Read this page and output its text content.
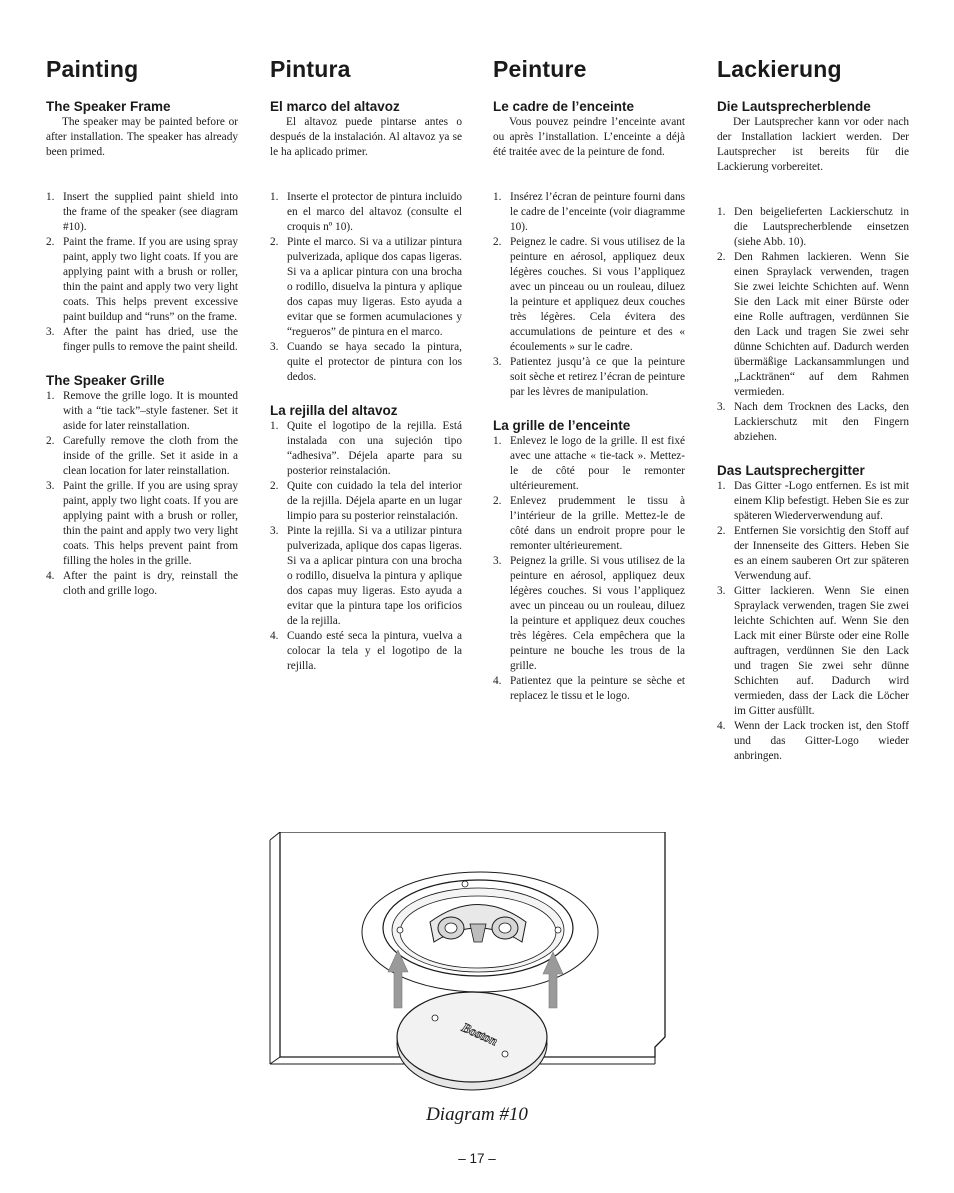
Painting
The Speaker Frame

The speaker may be painted before or after installation. The speaker has already been primed.

1. Insert the supplied paint shield into the frame of the speaker (see diagram #10).
2. Paint the frame. If you are using spray paint, apply two light coats. If you are applying paint with a brush or roller, thin the paint and apply two very light coats. This helps prevent excessive paint buildup and “runs” on the frame.
3. After the paint has dried, use the finger pulls to remove the paint sheild.
The Speaker Grille
1. Remove the grille logo. It is mounted with a “tie tack”–style fastener. Set it aside for later reinstallation.
2. Carefully remove the cloth from the inside of the grille. Set it aside in a clean location for later reinstallation.
3. Paint the grille. If you are using spray paint, apply two light coats. If you are applying paint with a brush or roller, thin the paint and apply two very light coats. This helps prevent paint from filling the holes in the grille.
4. After the paint is dry, reinstall the cloth and grille logo.
Pintura
El marco del altavoz

El altavoz puede pintarse antes o después de la instalación. Al altavoz ya se le ha aplicado primer.

1. Inserte el protector de pintura incluido en el marco del altavoz (consulte el croquis nº 10).
2. Pinte el marco. Si va a utilizar pintura pulverizada, aplique dos capas ligeras. Si va a aplicar pintura con una brocha o rodillo, disuelva la pintura y aplique dos capas muy ligeras. Esto ayuda a evitar que se formen acumulaciones y “regueros” de pintura en el marco.
3. Cuando se haya secado la pintura, quite el protector de pintura con los dedos.
La rejilla del altavoz
1. Quite el logotipo de la rejilla. Está instalada con una sujeción tipo “adhesiva”. Déjela aparte para su posterior reinstalación.
2. Quite con cuidado la tela del interior de la rejilla. Déjela aparte en un lugar limpio para su posterior reinstalación.
3. Pinte la rejilla. Si va a utilizar pintura pulverizada, aplique dos capas ligeras. Si va a aplicar pintura con una brocha o rodillo, disuelva la pintura y aplique dos capas muy ligeras. Esto ayuda a evitar que la pintura tape los orificios de la rejilla.
4. Cuando esté seca la pintura, vuelva a colocar la tela y el logotipo de la rejilla.
Peinture
Le cadre de l’enceinte

Vous pouvez peindre l’enceinte avant ou après l’installation. L’enceinte a déjà été traitée avec de la peinture de fond.

1. Insérez l’écran de peinture fourni dans le cadre de l’enceinte (voir diagramme 10).
2. Peignez le cadre. Si vous utilisez de la peinture en aérosol, appliquez deux légères couches. Si vous l’appliquez avec un pinceau ou un rouleau, diluez la peinture et appliquez deux couches très légères. Cela évitera des accumulations de peinture et des « écoulements » sur le cadre.
3. Patientez jusqu’à ce que la peinture soit sèche et retirez l’écran de peinture par les lèvres de manipulation.
La grille de l’enceinte
1. Enlevez le logo de la grille. Il est fixé avec une attache « tie-tack ». Mettez-le de côté pour le remonter ultérieurement.
2. Enlevez prudemment le tissu à l’intérieur de la grille. Mettez-le de côté dans un endroit propre pour le remonter ultérieurement.
3. Peignez la grille. Si vous utilisez de la peinture en aérosol, appliquez deux légères couches. Si vous l’appliquez avec un pinceau ou un rouleau, diluez la peinture et appliquez deux couches très légères. Cela empêchera que la peinture ne bouche les trous de la grille.
4. Patientez que la peinture se sèche et replacez le tissu et le logo.
Lackierung
Die Lautsprecherblende

Der Lautsprecher kann vor oder nach der Installation lackiert werden. Der Lautsprecher ist bereits für die Lackierung vorbereitet.

1. Den beigelieferten Lackierschutz in die Lautsprecherblende einsetzen (siehe Abb. 10).
2. Den Rahmen lackieren. Wenn Sie einen Spraylack verwenden, tragen Sie zwei leichte Schichten auf. Wenn Sie den Lack mit einer Bürste oder eine Rolle auftragen, verdünnen Sie den Lack und tragen Sie zwei sehr dünne Schichten auf. Dadurch werden übermäßige Lackansammlungen und „Lacktränen“ auf dem Rahmen vermieden.
3. Nach dem Trocknen des Lacks, den Lackierschutz mit den Fingern abziehen.
Das Lautsprechergitter
1. Das Gitter -Logo entfernen. Es ist mit einem Klip befestigt. Heben Sie es zur späteren Wiederverwendung auf.
2. Entfernen Sie vorsichtig den Stoff auf der Innenseite des Gitters. Heben Sie es an einem sauberen Ort zur späteren Verwendung auf.
3. Gitter lackieren. Wenn Sie einen Spraylack verwenden, tragen Sie zwei leichte Schichten auf. Wenn Sie den Lack mit einer Bürste oder eine Rolle auftragen, verdünnen Sie den Lack und tragen Sie zwei sehr dünne Schichten auf. Dadurch wird vermieden, dass der Lack die Löcher im Gitter ausfüllt.
4. Wenn der Lack trocken ist, den Stoff und das Gitter-Logo wieder anbringen.
Boston
Diagram #10
– 17 –
